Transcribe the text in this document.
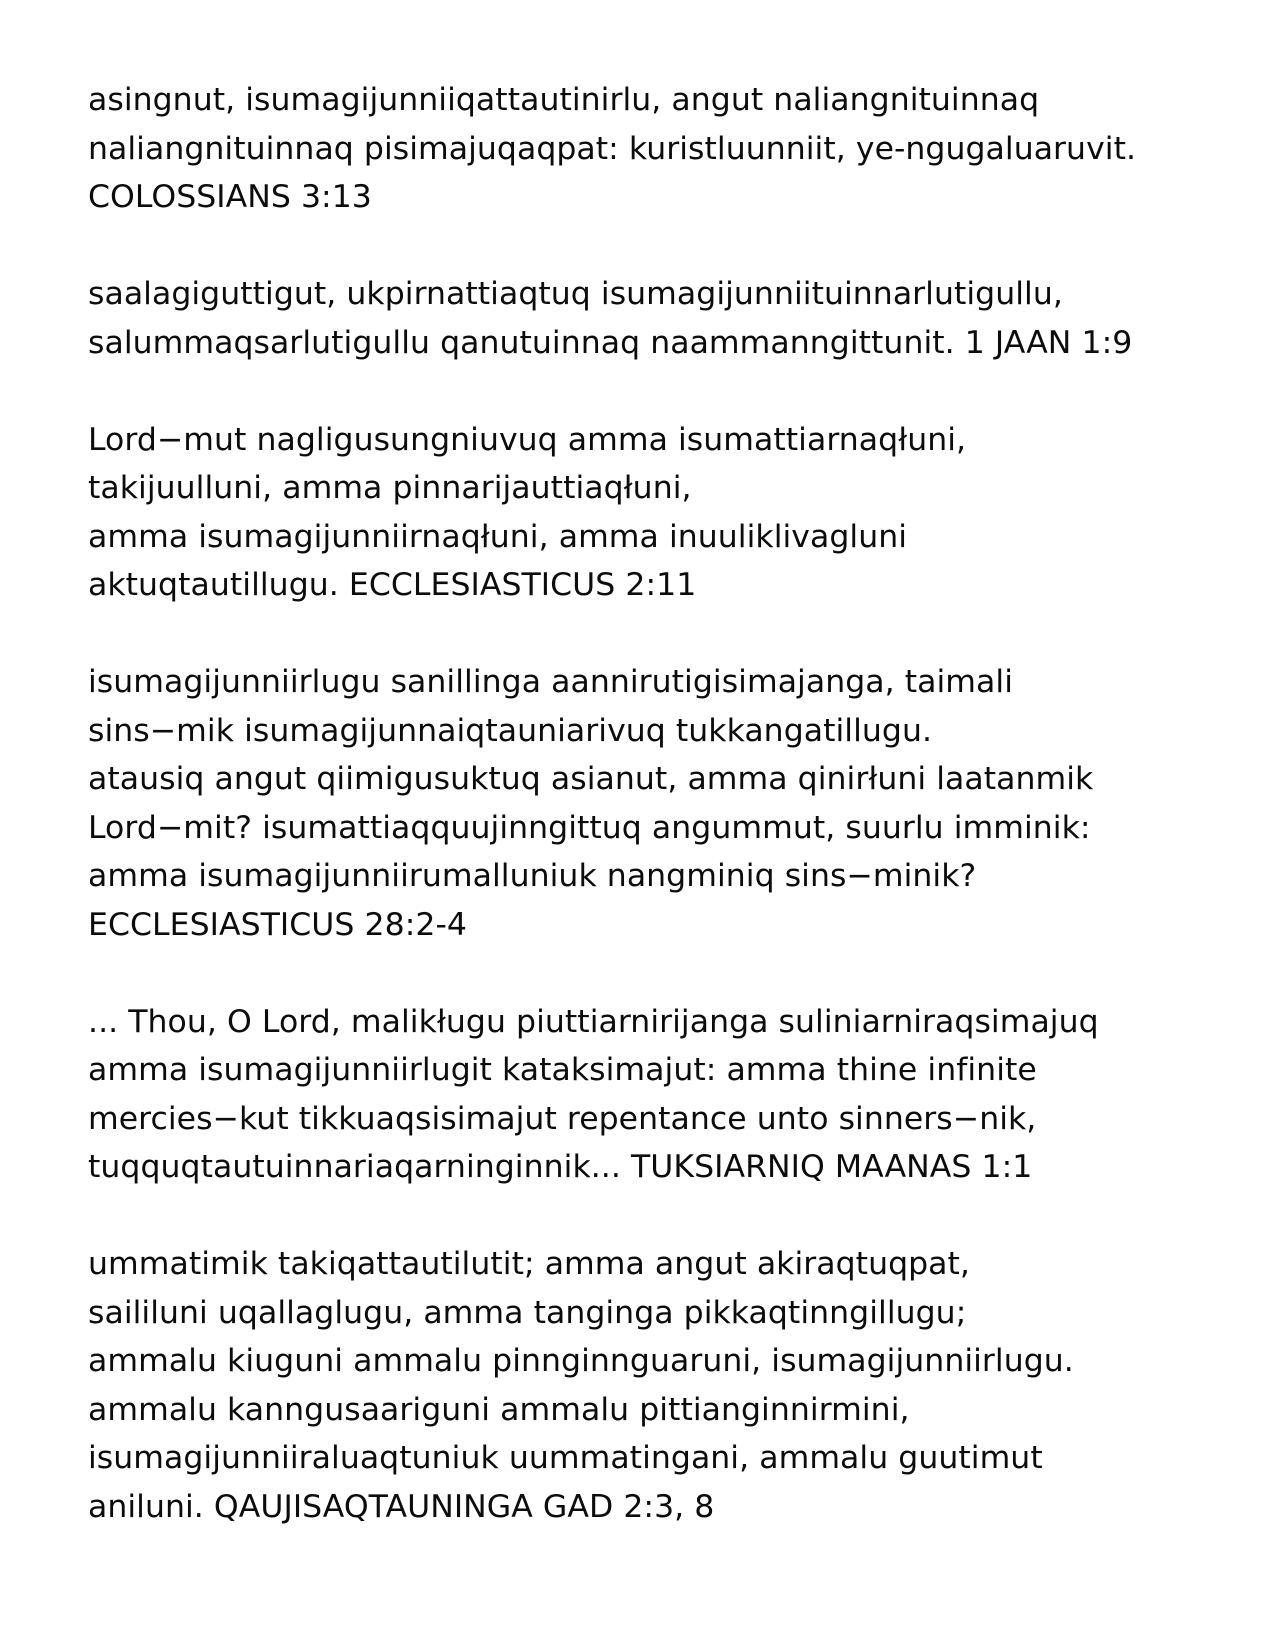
asingnut, isumagijunniiqattautinirlu, angut naliangnituinnaq
naliangnituinnaq pisimajuqaqpat: kuristluunniit, ye-ngugaluaruvit.
COLOSSIANS 3:13

saalagiguttigut, ukpirnattiaqtuq isumagijunniituinnarlutigullu,
salummaqsarlutigullu qanutuinnaq naammanngittunit. 1 JAAN 1:9

Lord−mut nagligusungniuvuq amma isumattiarnaqłuni,
takijuulluni, amma pinnarijauttiaqłuni,
amma isumagijunniirnaqłuni, amma inuuliklivagluni
aktuqtautillugu. ECCLESIASTICUS 2:11

isumagijunniirlugu sanillinga aannirutigisimajanga, taimali
sins−mik isumagijunnaiqtauniarivuq tukkangatillugu.
atausiq angut qiimigusuktuq asianut, amma qinirłuni laatanmik
Lord−mit? isumattiaqquujinngittuq angummut, suurlu imminik:
amma isumagijunniirumalluniuk nangminiq sins−minik?
ECCLESIASTICUS 28:2-4

... Thou, O Lord, malikługu piuttiarnirijanga suliniarniraqsimajuq
amma isumagijunniirlugit kataksimajut: amma thine infinite
mercies−kut tikkuaqsisimajut repentance unto sinners−nik,
tuqquqtautuinnariaqarninginnik... TUKSIARNIQ MAANAS 1:1

ummatimik takiqattautilutit; amma angut akiraqtuqpat,
saililuni uqallaglugu, amma tanginga pikkaqtinngillugu;
ammalu kiuguni ammalu pinnginnguaruni, isumagijunniirlugu.
ammalu kanngusaariguni ammalu pittianginnirmini,
isumagijunniiraluaqtuniuk uummatingani, ammalu guutimut
aniluni. QAUJISAQTAUNINGA GAD 2:3, 8
